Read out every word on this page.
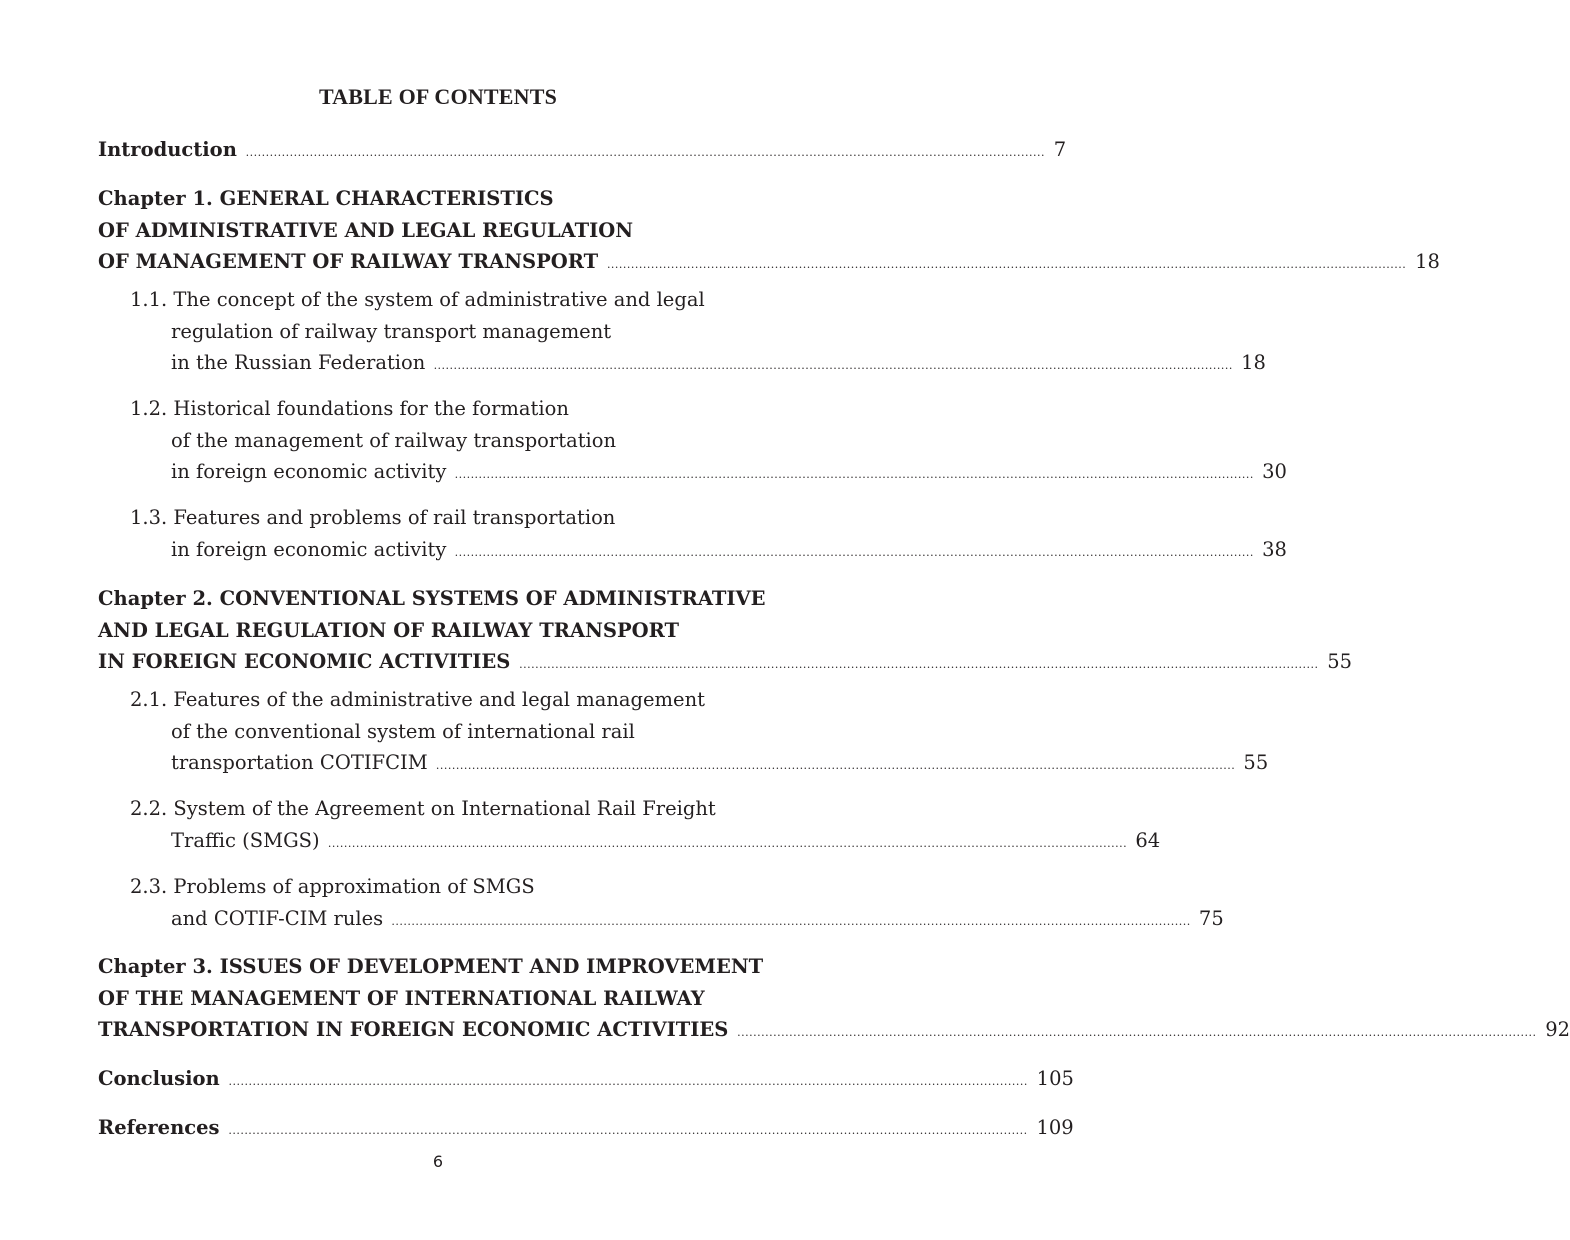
TABLE OF CONTENTS
Introduction ........................................................................................................................................................................................................ 7
Chapter 1. GENERAL CHARACTERISTICS
OF ADMINISTRATIVE AND LEGAL REGULATION
OF MANAGEMENT OF RAILWAY TRANSPORT ........................................................................................................................................................................................................ 18
1.1. The concept of the system of administrative and legal
regulation of railway transport management
in the Russian Federation ........................................................................................................................................................................................................ 18
1.2. Historical foundations for the formation
of the management of railway transportation
in foreign economic activity ........................................................................................................................................................................................................ 30
1.3. Features and problems of rail transportation
in foreign economic activity ........................................................................................................................................................................................................ 38
Chapter 2. CONVENTIONAL SYSTEMS OF ADMINISTRATIVE
AND LEGAL REGULATION OF RAILWAY TRANSPORT
IN FOREIGN ECONOMIC ACTIVITIES ........................................................................................................................................................................................................ 55
2.1. Features of the administrative and legal management
of the conventional system of international rail
transportation COTIFCIM ........................................................................................................................................................................................................ 55
2.2. System of the Agreement on International Rail Freight
Traffic (SMGS) ........................................................................................................................................................................................................ 64
2.3. Problems of approximation of SMGS
and COTIF-CIM rules ........................................................................................................................................................................................................ 75
Chapter 3. ISSUES OF DEVELOPMENT AND IMPROVEMENT
OF THE MANAGEMENT OF INTERNATIONAL RAILWAY
TRANSPORTATION IN FOREIGN ECONOMIC ACTIVITIES ........................................................................................................................................................................................................ 92
Conclusion ........................................................................................................................................................................................................ 105
References ........................................................................................................................................................................................................ 109
6
